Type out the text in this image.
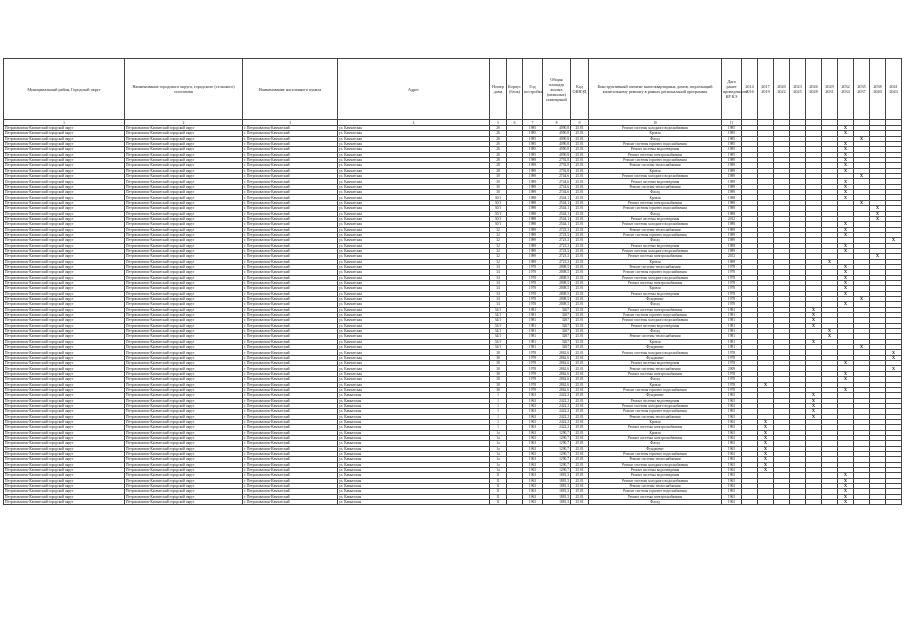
Муниципальный район, Городской округ	Наименование городского округа, городского (сельского) поселения	Наименование населенного пункта	Адрес	Номер дома	Корпус (блок)	Год постройки	Общая площадь жилых (нежилых) помещений	Код ОКВЭД	Конструктивный элемент многоквартирных домов, подлежащий капитальному ремонту в рамках региональной программы	Дата ранее проведенного КР КЭ	2014 2016	2017 2019	2020 2022	2023 2025	2026 2028	2029 2031	2032 2034	2035 2037	2038 2040	2041 2043
1	2	3	4	5	6	7	8	9	10	11										
Петропавловск-Камчатский городской округ	Петропавловск-Камчатский городской округ	г. Петропавловск-Камчатский	ул. Камчатская	26		1985	4090,8	25.01	Ремонт системы холодного водоснабжения	1985							X			
Петропавловск-Камчатский городской округ	Петропавловск-Камчатский городской округ	г. Петропавловск-Камчатский	ул. Камчатская	26		1985	4090,8	25.01	Кровля	1985							X			
Петропавловск-Камчатский городской округ	Петропавловск-Камчатский городской округ	г. Петропавловск-Камчатский	ул. Камчатская	26		1985	4090,8	25.01	Фасад	1985								X		
Петропавловск-Камчатский городской округ	Петропавловск-Камчатский городской округ	г. Петропавловск-Камчатский	ул. Камчатская	26		1985	4090,8	25.01	Ремонт системы горячего водоснабжения	1985							X			
Петропавловск-Камчатский городской округ	Петропавловск-Камчатский городской округ	г. Петропавловск-Камчатский	ул. Камчатская	26		1985	4090,8	25.01	Ремонт системы водоотведения	1985							X			
Петропавловск-Камчатский городской округ	Петропавловск-Камчатский городской округ	г. Петропавловск-Камчатский	ул. Камчатская	26		1985	4090,8	25.01	Ремонт системы электроснабжения	1985							X			
Петропавловск-Камчатский городской округ	Петропавловск-Камчатский городской округ	г. Петропавловск-Камчатский	ул. Камчатская	28		1989	2792,8	25.01	Ремонт системы горячего водоснабжения	1989							X			
Петропавловск-Камчатский городской округ	Петропавловск-Камчатский городской округ	г. Петропавловск-Камчатский	ул. Камчатская	28		1989	2792,8	25.01	Ремонт системы теплоснабжения	1989							X			
Петропавловск-Камчатский городской округ	Петропавловск-Камчатский городской округ	г. Петропавловск-Камчатский	ул. Камчатская	28		1989	2792,8	25.01	Кровля	1989							X			
Петропавловск-Камчатский городской округ	Петропавловск-Камчатский городской округ	г. Петропавловск-Камчатский	ул. Камчатская	30		1989	2744,6	25.01	Ремонт системы холодного водоснабжения	1989								X		
Петропавловск-Камчатский городской округ	Петропавловск-Камчатский городской округ	г. Петропавловск-Камчатский	ул. Камчатская	30		1989	2744,6	25.01	Ремонт системы водоотведения	1989							X			
Петропавловск-Камчатский городской округ	Петропавловск-Камчатский городской округ	г. Петропавловск-Камчатский	ул. Камчатская	30		1989	2744,6	25.01	Ремонт системы теплоснабжения	1989							X			
Петропавловск-Камчатский городской округ	Петропавловск-Камчатский городской округ	г. Петропавловск-Камчатский	ул. Камчатская	30		1989	2744,6	25.01	Фасад	1989							X			
Петропавловск-Камчатский городской округ	Петропавловск-Камчатский городской округ	г. Петропавловск-Камчатский	ул. Камчатская	30/1		1988	2544,1	25.01	Кровля	1988							X			
Петропавловск-Камчатский городской округ	Петропавловск-Камчатский городской округ	г. Петропавловск-Камчатский	ул. Камчатская	30/1		1988	2544,1	25.01	Ремонт системы электроснабжения	1988								X		
Петропавловск-Камчатский городской округ	Петропавловск-Камчатский городской округ	г. Петропавловск-Камчатский	ул. Камчатская	30/1		1988	2544,1	25.01	Ремонт системы горячего водоснабжения	1988									X	
Петропавловск-Камчатский городской округ	Петропавловск-Камчатский городской округ	г. Петропавловск-Камчатский	ул. Камчатская	30/1		1988	2544,1	25.01	Фасад	1988									X	
Петропавловск-Камчатский городской округ	Петропавловск-Камчатский городской округ	г. Петропавловск-Камчатский	ул. Камчатская	30/1		1988	2544,1	25.01	Ремонт системы водоотведения	2012									X	
Петропавловск-Камчатский городской округ	Петропавловск-Камчатский городской округ	г. Петропавловск-Камчатский	ул. Камчатская	30/1		1988	2544,1	25.01	Ремонт системы холодного водоснабжения	1988							X			
Петропавловск-Камчатский городской округ	Петропавловск-Камчатский городской округ	г. Петропавловск-Камчатский	ул. Камчатская	32		1989	2723,3	25.01	Ремонт системы теплоснабжения	1989							X			
Петропавловск-Камчатский городской округ	Петропавловск-Камчатский городской округ	г. Петропавловск-Камчатский	ул. Камчатская	32		1989	2723,3	25.01	Ремонт системы горячего водоснабжения	1989							X			
Петропавловск-Камчатский городской округ	Петропавловск-Камчатский городской округ	г. Петропавловск-Камчатский	ул. Камчатская	32		1989	2723,3	25.01	Фасад	1989										X
Петропавловск-Камчатский городской округ	Петропавловск-Камчатский городской округ	г. Петропавловск-Камчатский	ул. Камчатская	32		1989	2723,3	25.01	Ремонт системы водоотведения	1989							X			
Петропавловск-Камчатский городской округ	Петропавловск-Камчатский городской округ	г. Петропавловск-Камчатский	ул. Камчатская	32		1989	2723,3	25.01	Ремонт системы холодного водоснабжения	1989							X			
Петропавловск-Камчатский городской округ	Петропавловск-Камчатский городской округ	г. Петропавловск-Камчатский	ул. Камчатская	32		1989	2723,3	25.01	Ремонт системы электроснабжения	2012									X	
Петропавловск-Камчатский городской округ	Петропавловск-Камчатский городской округ	г. Петропавловск-Камчатский	ул. Камчатская	32		1989	2723,3	25.01	Кровля	1989						X				
Петропавловск-Камчатский городской округ	Петропавловск-Камчатский городской округ	г. Петропавловск-Камчатский	ул. Камчатская	34		1978	2808,5	25.01	Ремонт системы теплоснабжения	1978							X			
Петропавловск-Камчатский городской округ	Петропавловск-Камчатский городской округ	г. Петропавловск-Камчатский	ул. Камчатская	34		1978	2808,5	25.01	Ремонт системы горячего водоснабжения	1978							X			
Петропавловск-Камчатский городской округ	Петропавловск-Камчатский городской округ	г. Петропавловск-Камчатский	ул. Камчатская	34		1978	2808,5	25.01	Ремонт системы холодного водоснабжения	1978							X			
Петропавловск-Камчатский городской округ	Петропавловск-Камчатский городской округ	г. Петропавловск-Камчатский	ул. Камчатская	34		1978	2808,5	25.01	Ремонт системы электроснабжения	1978							X			
Петропавловск-Камчатский городской округ	Петропавловск-Камчатский городской округ	г. Петропавловск-Камчатский	ул. Камчатская	34		1978	2808,5	25.01	Кровля	1978							X			
Петропавловск-Камчатский городской округ	Петропавловск-Камчатский городской округ	г. Петропавловск-Камчатский	ул. Камчатская	34		1978	2808,5	25.01	Ремонт системы водоотведения	1978							X			
Петропавловск-Камчатский городской округ	Петропавловск-Камчатский городской округ	г. Петропавловск-Камчатский	ул. Камчатская	34		1978	2808,5	25.01	Фундамент	1978								X		
Петропавловск-Камчатский городской округ	Петропавловск-Камчатский городской округ	г. Петропавловск-Камчатский	ул. Камчатская	34		1978	2808,5	25.01	Фасад	1978							X			
Петропавловск-Камчатский городской округ	Петропавловск-Камчатский городской округ	г. Петропавловск-Камчатский	ул. Камчатская	34/1		1981	3267	25.01	Ремонт системы электроснабжения	1981					X					
Петропавловск-Камчатский городской округ	Петропавловск-Камчатский городской округ	г. Петропавловск-Камчатский	ул. Камчатская	34/1		1981	3267	25.01	Ремонт системы горячего водоснабжения	1981					X					
Петропавловск-Камчатский городской округ	Петропавловск-Камчатский городской округ	г. Петропавловск-Камчатский	ул. Камчатская	34/1		1981	3267	25.01	Ремонт системы холодного водоснабжения	1981					X					
Петропавловск-Камчатский городской округ	Петропавловск-Камчатский городской округ	г. Петропавловск-Камчатский	ул. Камчатская	34/1		1981	3267	25.01	Ремонт системы водоотведения	1981					X					
Петропавловск-Камчатский городской округ	Петропавловск-Камчатский городской округ	г. Петропавловск-Камчатский	ул. Камчатская	34/1		1981	3267	25.01	Фасад	1981						X				
Петропавловск-Камчатский городской округ	Петропавловск-Камчатский городской округ	г. Петропавловск-Камчатский	ул. Камчатская	34/1		1981	3267	25.01	Ремонт системы теплоснабжения	1981						X				
Петропавловск-Камчатский городской округ	Петропавловск-Камчатский городской округ	г. Петропавловск-Камчатский	ул. Камчатская	34/1		1981	3267	25.01	Кровля	1981					X					
Петропавловск-Камчатский городской округ	Петропавловск-Камчатский городской округ	г. Петропавловск-Камчатский	ул. Камчатская	34/1		1981	3267	25.01	Фундамент	1981								X		
Петропавловск-Камчатский городской округ	Петропавловск-Камчатский городской округ	г. Петропавловск-Камчатский	ул. Камчатская	38		1978	2862,6	25.01	Ремонт системы холодного водоснабжения	1978										X
Петропавловск-Камчатский городской округ	Петропавловск-Камчатский городской округ	г. Петропавловск-Камчатский	ул. Камчатская	38		1978	2862,6	25.01	Фундамент	1978										X
Петропавловск-Камчатский городской округ	Петропавловск-Камчатский городской округ	г. Петропавловск-Камчатский	ул. Камчатская	38		1978	2862,6	25.01	Ремонт системы водоотведения	1978							X			
Петропавловск-Камчатский городской округ	Петропавловск-Камчатский городской округ	г. Петропавловск-Камчатский	ул. Камчатская	38		1978	2862,6	25.01	Ремонт системы теплоснабжения	2009										X
Петропавловск-Камчатский городской округ	Петропавловск-Камчатский городской округ	г. Петропавловск-Камчатский	ул. Камчатская	38		1978	2862,6	25.01	Ремонт системы электроснабжения	1978							X			
Петропавловск-Камчатский городской округ	Петропавловск-Камчатский городской округ	г. Петропавловск-Камчатский	ул. Камчатская	38		1978	2862,6	25.01	Фасад	1978							X			
Петропавловск-Камчатский городской округ	Петропавловск-Камчатский городской округ	г. Петропавловск-Камчатский	ул. Камчатская	38		1978	2862,6	25.01	Кровля	1978		X								
Петропавловск-Камчатский городской округ	Петропавловск-Камчатский городской округ	г. Петропавловск-Камчатский	ул. Камчатская	38		1978	2862,6	25.01	Ремонт системы горячего водоснабжения	1978							X			
Петропавловск-Камчатский городской округ	Петропавловск-Камчатский городской округ	г. Петропавловск-Камчатский	ул. Кавказская	1		1963	2422,2	25.01	Фундамент	1963					X					
Петропавловск-Камчатский городской округ	Петропавловск-Камчатский городской округ	г. Петропавловск-Камчатский	ул. Кавказская	1		1963	2422,2	25.01	Ремонт системы водоотведения	1963					X					
Петропавловск-Камчатский городской округ	Петропавловск-Камчатский городской округ	г. Петропавловск-Камчатский	ул. Кавказская	1		1963	2422,2	25.01	Ремонт системы холодного водоснабжения	1963					X					
Петропавловск-Камчатский городской округ	Петропавловск-Камчатский городской округ	г. Петропавловск-Камчатский	ул. Кавказская	1		1963	2422,2	25.01	Ремонт системы горячего водоснабжения	1963					X					
Петропавловск-Камчатский городской округ	Петропавловск-Камчатский городской округ	г. Петропавловск-Камчатский	ул. Кавказская	1		1963	2422,2	25.01	Ремонт системы теплоснабжения	1963					X					
Петропавловск-Камчатский городской округ	Петропавловск-Камчатский городской округ	г. Петропавловск-Камчатский	ул. Кавказская	1		1963	2422,2	25.01	Кровля	1963		X								
Петропавловск-Камчатский городской округ	Петропавловск-Камчатский городской округ	г. Петропавловск-Камчатский	ул. Кавказская	1		1963	2422,2	25.01	Ремонт системы электроснабжения	1963		X								
Петропавловск-Камчатский городской округ	Петропавловск-Камчатский городской округ	г. Петропавловск-Камчатский	ул. Кавказская	1а		1963	1290,7	25.01	Кровля	1963		X								
Петропавловск-Камчатский городской округ	Петропавловск-Камчатский городской округ	г. Петропавловск-Камчатский	ул. Кавказская	1а		1963	1290,7	25.01	Ремонт системы электроснабжения	1963		X								
Петропавловск-Камчатский городской округ	Петропавловск-Камчатский городской округ	г. Петропавловск-Камчатский	ул. Кавказская	1а		1963	1290,7	25.01	Фасад	1963		X								
Петропавловск-Камчатский городской округ	Петропавловск-Камчатский городской округ	г. Петропавловск-Камчатский	ул. Кавказская	1а		1963	1290,7	25.01	Фундамент	1963		X								
Петропавловск-Камчатский городской округ	Петропавловск-Камчатский городской округ	г. Петропавловск-Камчатский	ул. Кавказская	1а		1963	1290,7	25.01	Ремонт системы горячего водоснабжения	1963		X								
Петропавловск-Камчатский городской округ	Петропавловск-Камчатский городской округ	г. Петропавловск-Камчатский	ул. Кавказская	1а		1963	1290,7	25.01	Ремонт системы теплоснабжения	1963		X								
Петропавловск-Камчатский городской округ	Петропавловск-Камчатский городской округ	г. Петропавловск-Камчатский	ул. Кавказская	1а		1963	1290,7	25.01	Ремонт системы холодного водоснабжения	1963		X								
Петропавловск-Камчатский городской округ	Петропавловск-Камчатский городской округ	г. Петропавловск-Камчатский	ул. Кавказская	1а		1963	1290,7	25.01	Ремонт системы водоотведения	1963		X								
Петропавловск-Камчатский городской округ	Петропавловск-Камчатский городской округ	г. Петропавловск-Камчатский	ул. Кавказская	11		1963	1881,3	25.01	Ремонт системы водоотведения	1963							X			
Петропавловск-Камчатский городской округ	Петропавловск-Камчатский городской округ	г. Петропавловск-Камчатский	ул. Кавказская	11		1963	1881,3	25.01	Ремонт системы холодного водоснабжения	1963							X			
Петропавловск-Камчатский городской округ	Петропавловск-Камчатский городской округ	г. Петропавловск-Камчатский	ул. Кавказская	11		1963	1881,3	25.01	Ремонт системы теплоснабжения	1963							X			
Петропавловск-Камчатский городской округ	Петропавловск-Камчатский городской округ	г. Петропавловск-Камчатский	ул. Кавказская	11		1963	1881,3	25.01	Ремонт системы горячего водоснабжения	1963							X			
Петропавловск-Камчатский городской округ	Петропавловск-Камчатский городской округ	г. Петропавловск-Камчатский	ул. Кавказская	11		1963	1881,3	25.01	Ремонт системы электроснабжения	1963							X			
Петропавловск-Камчатский городской округ	Петропавловск-Камчатский городской округ	г. Петропавловск-Камчатский	ул. Кавказская	11		1963	1881,3	25.01	Фасад	1963							X			
